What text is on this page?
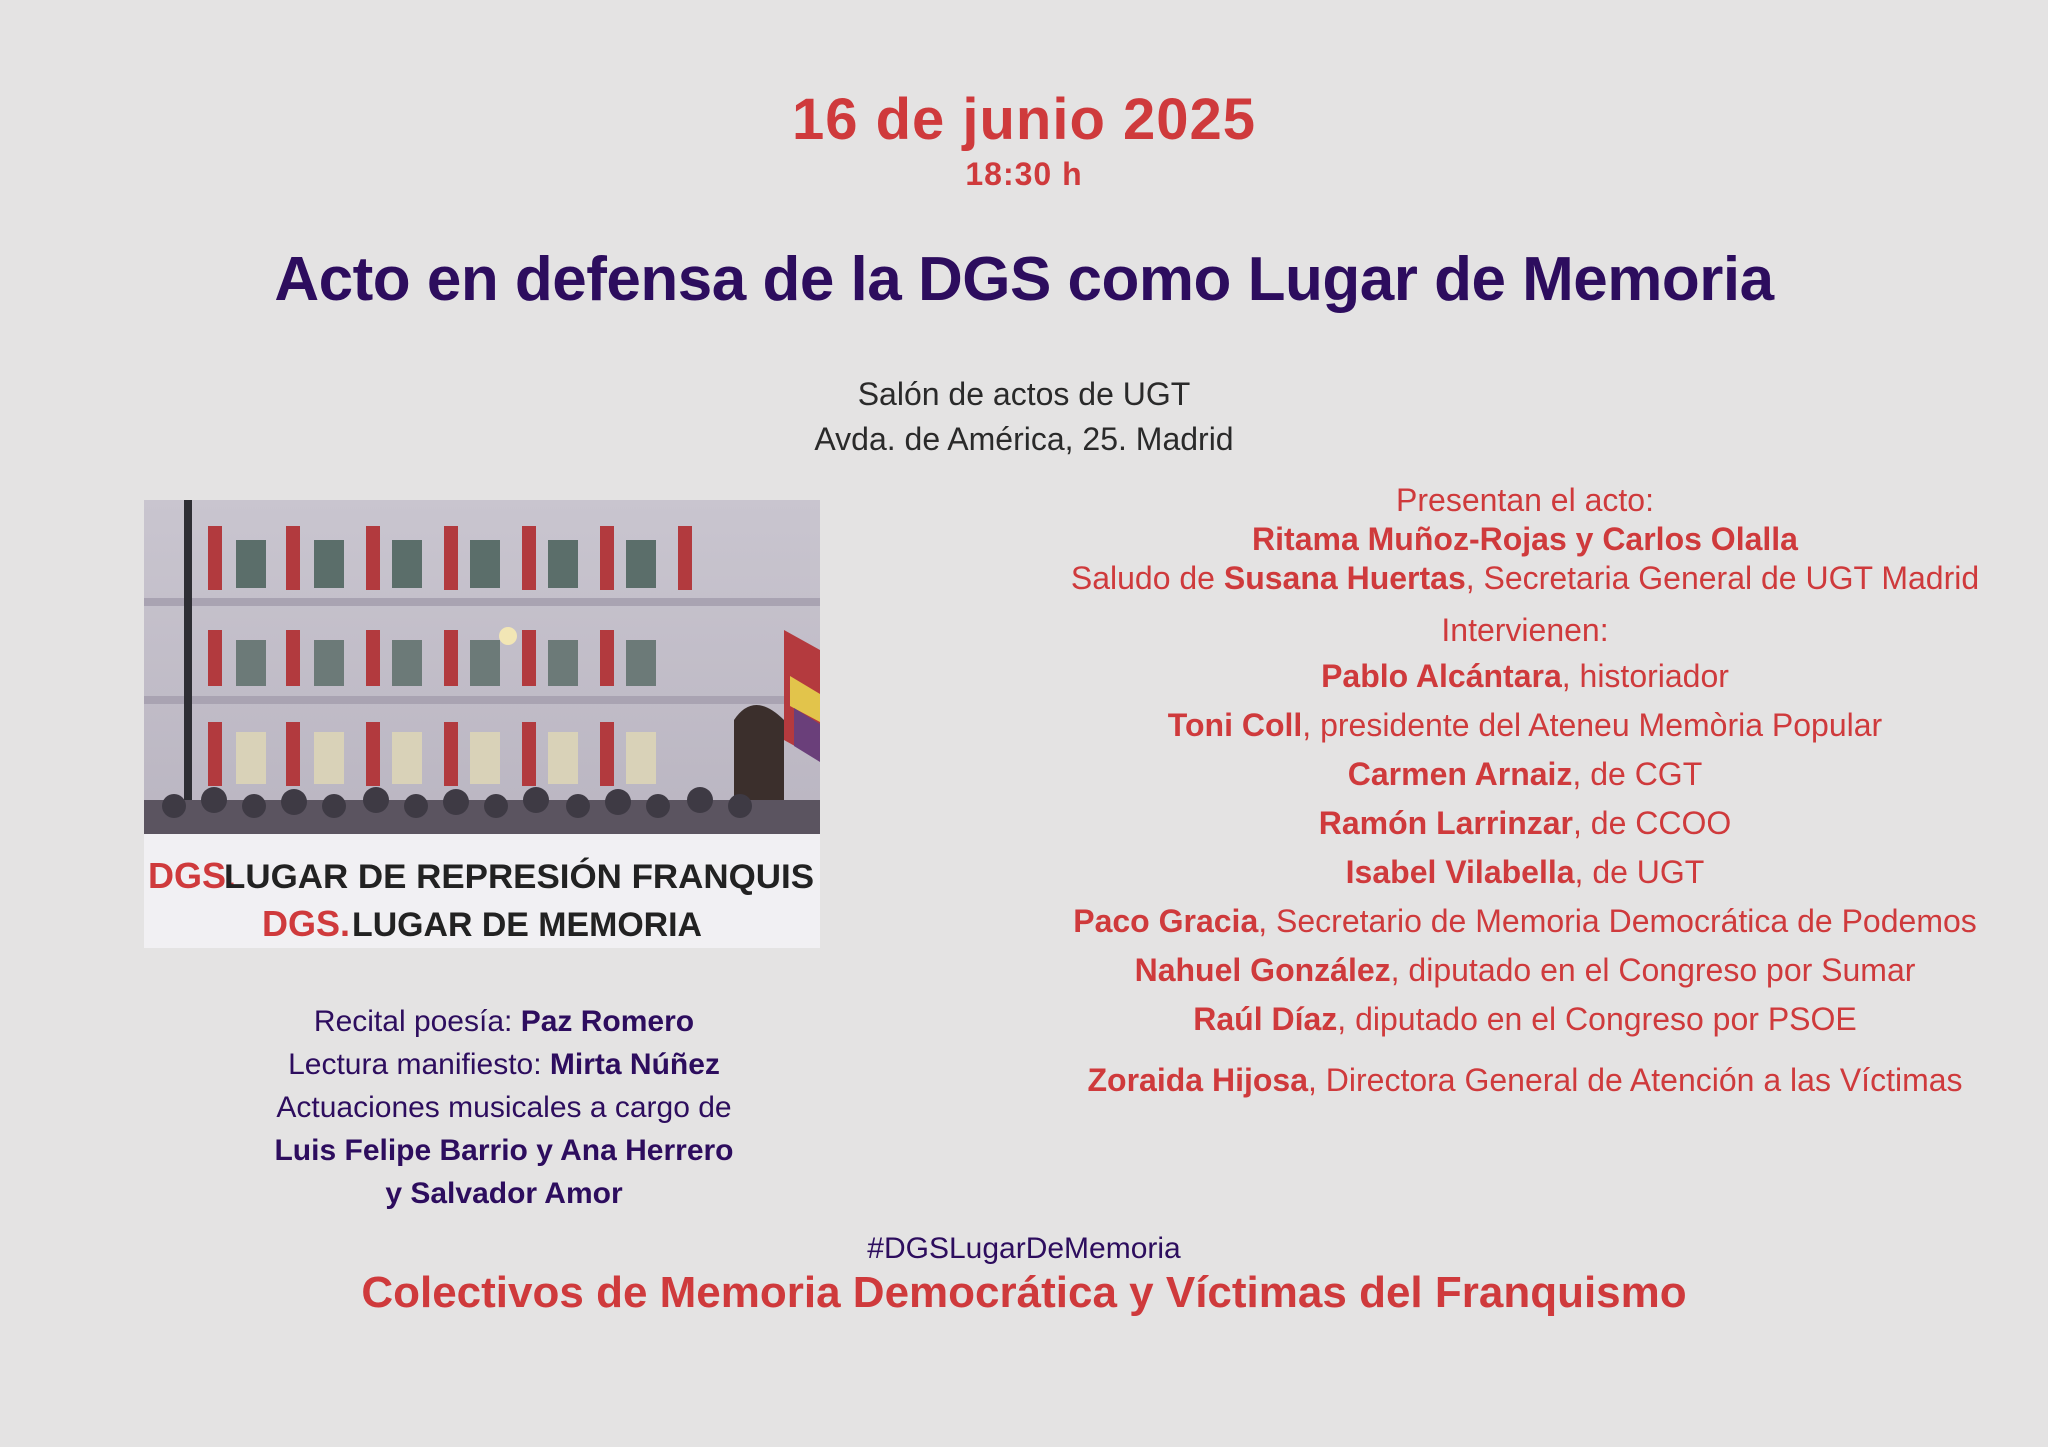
16 de junio 2025
18:30 h
Acto en defensa de la DGS como Lugar de Memoria
Salón de actos de UGT
Avda. de América, 25. Madrid
DGS.
LUGAR DE REPRESIÓN FRANQUIS
DGS. LUGAR DE MEMORIA
Recital poesía: Paz Romero
Lectura manifiesto: Mirta Núñez
Actuaciones musicales a cargo de
Luis Felipe Barrio y Ana Herrero
y Salvador Amor
Presentan el acto:
Ritama Muñoz-Rojas y Carlos Olalla
Saludo de Susana Huertas, Secretaria General de UGT Madrid
Intervienen:
Pablo Alcántara, historiador
Toni Coll, presidente del Ateneu Memòria Popular
Carmen Arnaiz, de CGT
Ramón Larrinzar, de CCOO
Isabel Vilabella, de UGT
Paco Gracia, Secretario de Memoria Democrática de Podemos
Nahuel González, diputado en el Congreso por Sumar
Raúl Díaz, diputado en el Congreso por PSOE
Zoraida Hijosa, Directora General de Atención a las Víctimas
#DGSLugarDeMemoria
Colectivos de Memoria Democrática y Víctimas del Franquismo
